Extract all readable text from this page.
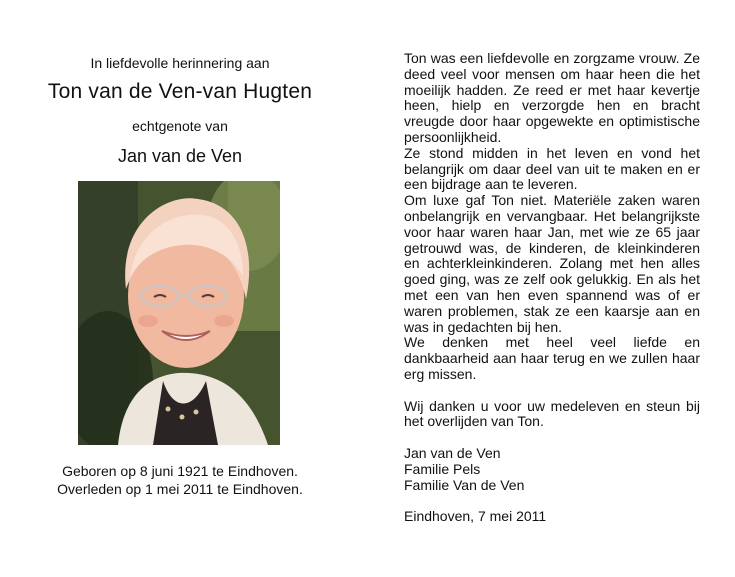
In liefdevolle herinnering aan
Ton van de Ven-van Hugten
echtgenote van
Jan van de Ven
Geboren op 8 juni 1921 te Eindhoven.
Overleden op 1 mei 2011 te Eindhoven.
Ton was een liefdevolle en zorgzame vrouw. Ze deed veel voor mensen om haar heen die het moeilijk hadden. Ze reed er met haar kevertje heen, hielp en verzorgde hen en bracht vreugde door haar opgewekte en optimistische persoonlijkheid.
Ze stond midden in het leven en vond het belangrijk om daar deel van uit te maken en er een bijdrage aan te leveren.
Om luxe gaf Ton niet. Materiële zaken waren onbelangrijk en vervangbaar. Het belangrijkste voor haar waren haar Jan, met wie ze 65 jaar getrouwd was, de kinderen, de kleinkinderen en achterkleinkinderen. Zolang met hen alles goed ging, was ze zelf ook gelukkig. En als het met een van hen even spannend was of er waren problemen, stak ze een kaarsje aan en was in gedachten bij hen.
We denken met heel veel liefde en dankbaarheid aan haar terug en we zullen haar erg missen.
Wij danken u voor uw medeleven en steun bij het overlijden van Ton.
Jan van de Ven
Familie Pels
Familie Van de Ven
Eindhoven, 7 mei 2011
